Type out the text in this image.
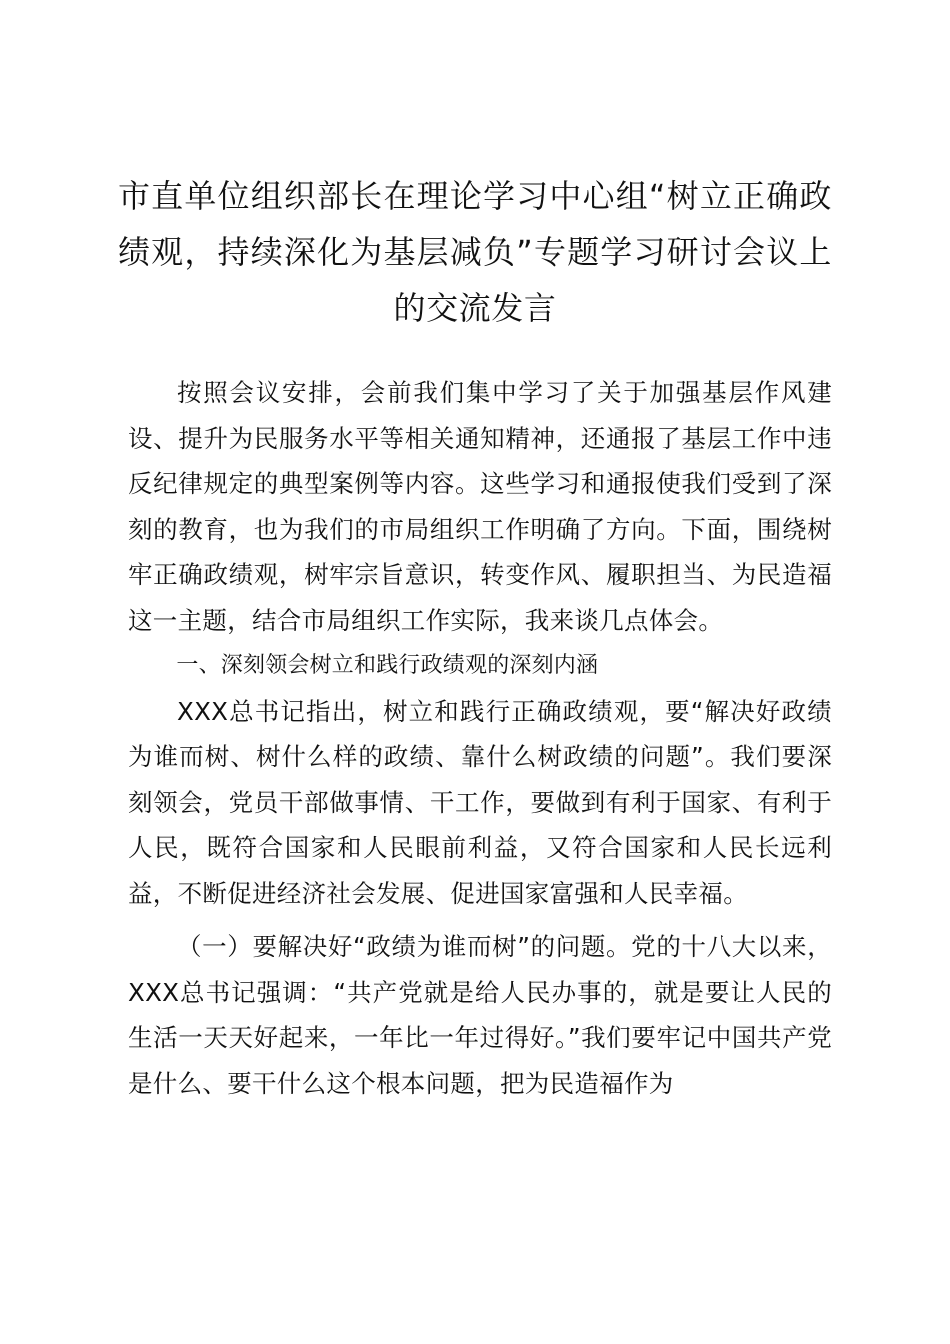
市直单位组织部长在理论学习中心组“树立正确政绩观，持续深化为基层减负”专题学习研讨会议上的交流发言

按照会议安排，会前我们集中学习了关于加强基层作风建设、提升为民服务水平等相关通知精神，还通报了基层工作中违反纪律规定的典型案例等内容。这些学习和通报使我们受到了深刻的教育，也为我们的市局组织工作明确了方向。下面，围绕树牢正确政绩观，树牢宗旨意识，转变作风、履职担当、为民造福这一主题，结合市局组织工作实际，我来谈几点体会。

一、深刻领会树立和践行政绩观的深刻内涵

XXX总书记指出，树立和践行正确政绩观，要“解决好政绩为谁而树、树什么样的政绩、靠什么树政绩的问题”。我们要深刻领会，党员干部做事情、干工作，要做到有利于国家、有利于人民，既符合国家和人民眼前利益，又符合国家和人民长远利益，不断促进经济社会发展、促进国家富强和人民幸福。

（一）要解决好“政绩为谁而树”的问题。党的十八大以来，XXX总书记强调：“共产党就是给人民办事的，就是要让人民的生活一天天好起来，一年比一年过得好。”我们要牢记中国共产党是什么、要干什么这个根本问题，把为民造福作为
